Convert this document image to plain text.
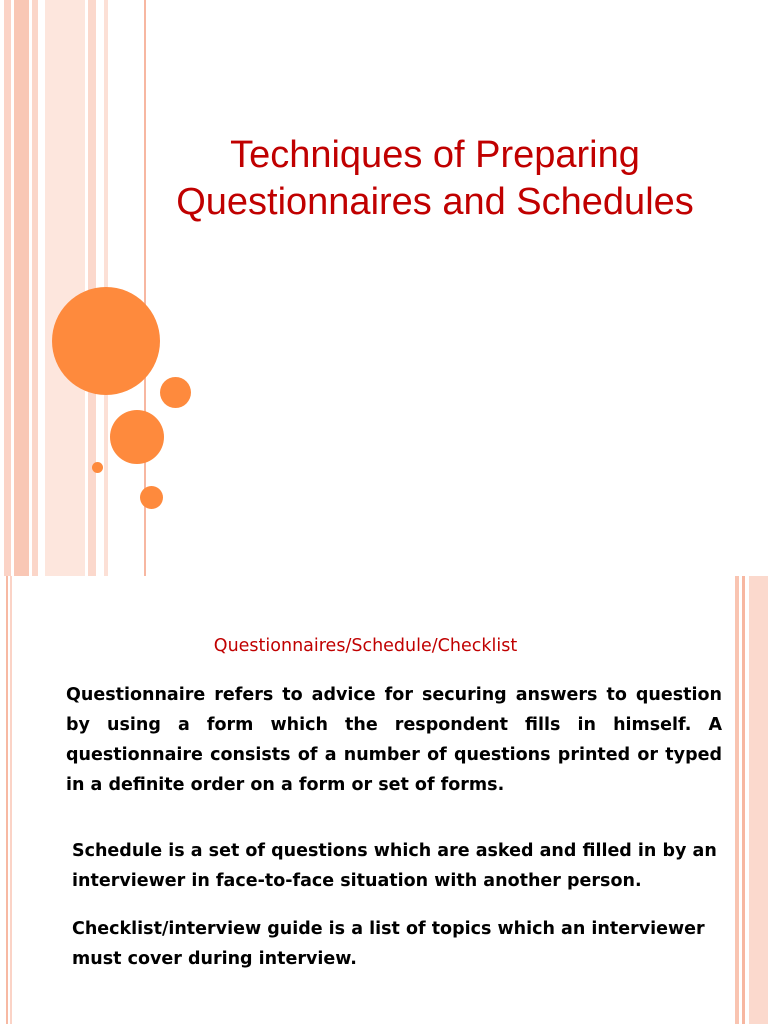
Techniques of Preparing
Questionnaires and Schedules
Questionnaires/Schedule/Checklist

Questionnaire refers to advice for securing answers to question by using a form which the respondent fills in himself. A questionnaire consists of a number of questions printed or typed in a definite order on a form or set of forms.

Schedule is a set of questions which are asked and filled in by an interviewer in face-to-face situation with another person.

Checklist/interview guide is a list of topics which an interviewer must cover during interview.
